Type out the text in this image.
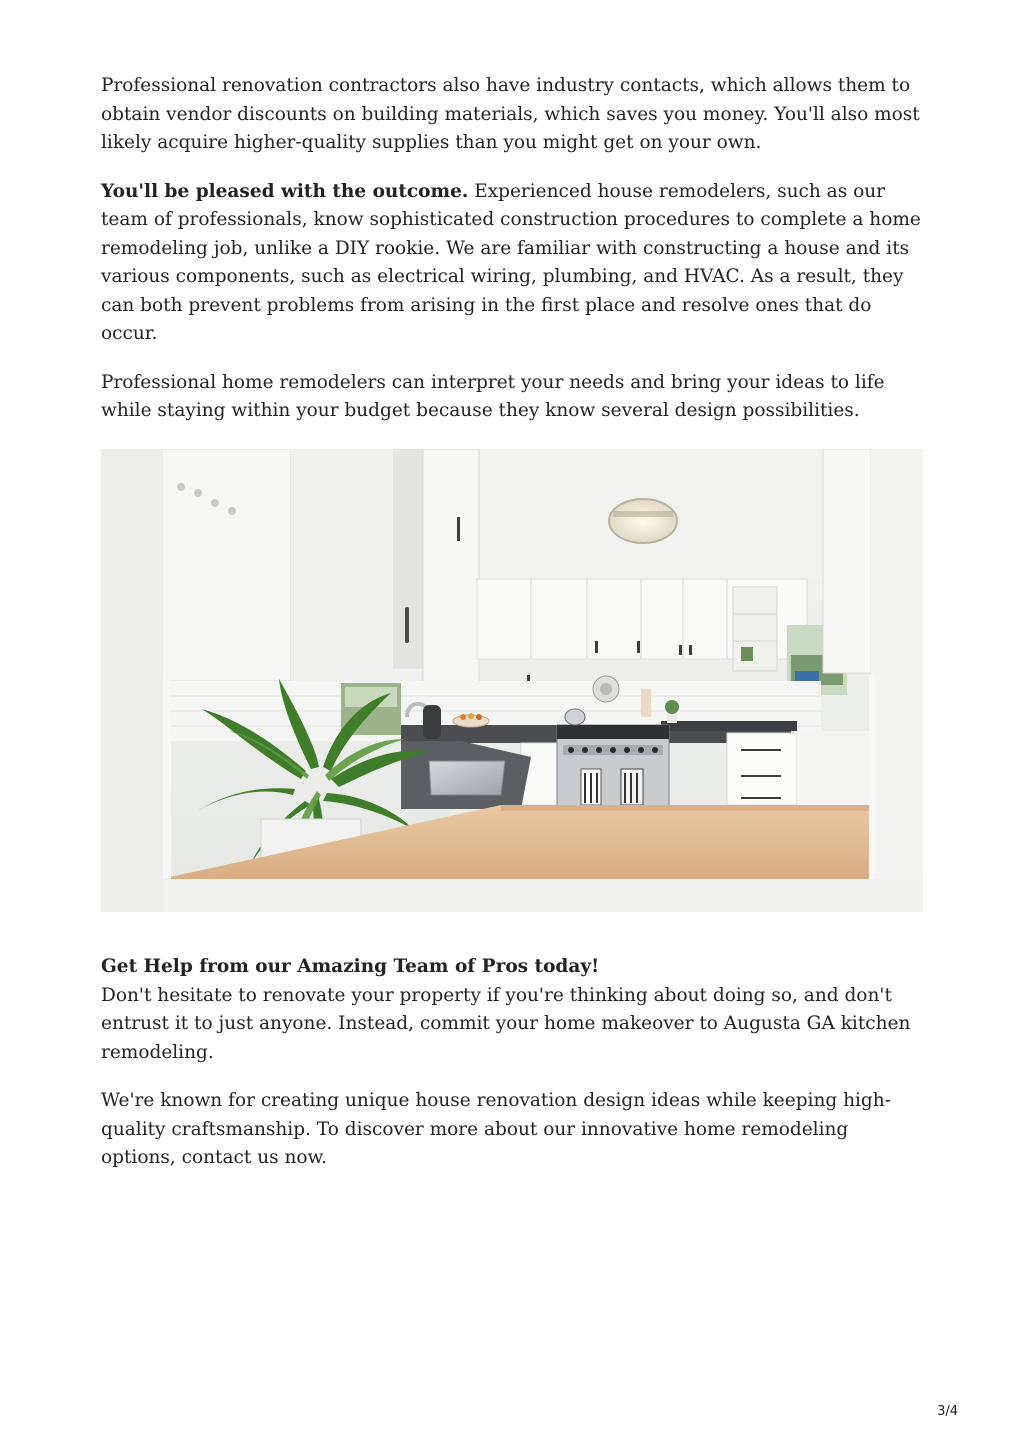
Professional renovation contractors also have industry contacts, which allows them to obtain vendor discounts on building materials, which saves you money. You'll also most likely acquire higher-quality supplies than you might get on your own.

You'll be pleased with the outcome. Experienced house remodelers, such as our team of professionals, know sophisticated construction procedures to complete a home remodeling job, unlike a DIY rookie. We are familiar with constructing a house and its various components, such as electrical wiring, plumbing, and HVAC. As a result, they can both prevent problems from arising in the first place and resolve ones that do occur.

Professional home remodelers can interpret your needs and bring your ideas to life while staying within your budget because they know several design possibilities.

Get Help from our Amazing Team of Pros today!

Don't hesitate to renovate your property if you're thinking about doing so, and don't entrust it to just anyone. Instead, commit your home makeover to Augusta GA kitchen remodeling.

We're known for creating unique house renovation design ideas while keeping high-quality craftsmanship. To discover more about our innovative home remodeling options, contact us now.

3/4
